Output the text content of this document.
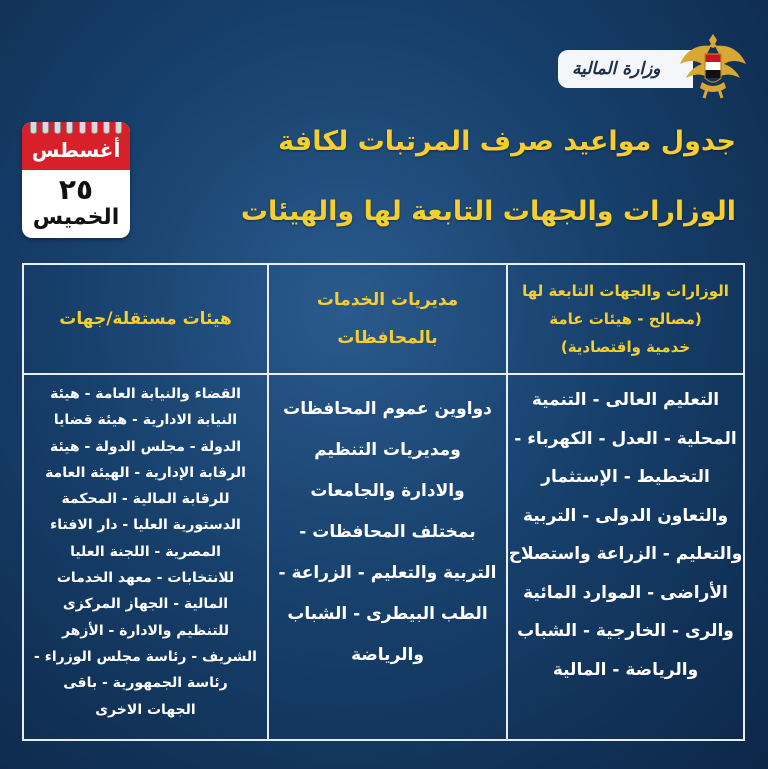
وزارة المالية
أغسطس
٢٥
الخميس
جدول مواعيد صرف المرتبات لكافة
الوزارات والجهات التابعة لها والهيئات
الوزارات والجهات التابعة لها
(مصالح - هيئات عامة
خدمية واقتصادية)
التعليم العالى - التنمية
المحلية - العدل - الكهرباء -
التخطيط - الإستثمار
والتعاون الدولى - التربية
والتعليم - الزراعة واستصلاح
الأراضى - الموارد المائية
والرى - الخارجية - الشباب
والرياضة - المالية
مديريات الخدمات
بالمحافظات
دواوين عموم المحافظات
ومديريات التنظيم
والادارة والجامعات
بمختلف المحافظات -
التربية والتعليم - الزراعة -
الطب البيطرى - الشباب
والرياضة
هيئات مستقلة/جهات
القضاء والنيابة العامة - هيئة
النيابة الادارية - هيئة قضايا
الدولة - مجلس الدولة - هيئة
الرقابة الإدارية - الهيئة العامة
للرقابة المالية - المحكمة
الدستورية العليا - دار الافتاء
المصرية - اللجنة العليا
للانتخابات - معهد الخدمات
المالية - الجهاز المركزى
للتنظيم والادارة - الأزهر
الشريف - رئاسة مجلس الوزراء -
رئاسة الجمهورية - باقى
الجهات الاخرى
